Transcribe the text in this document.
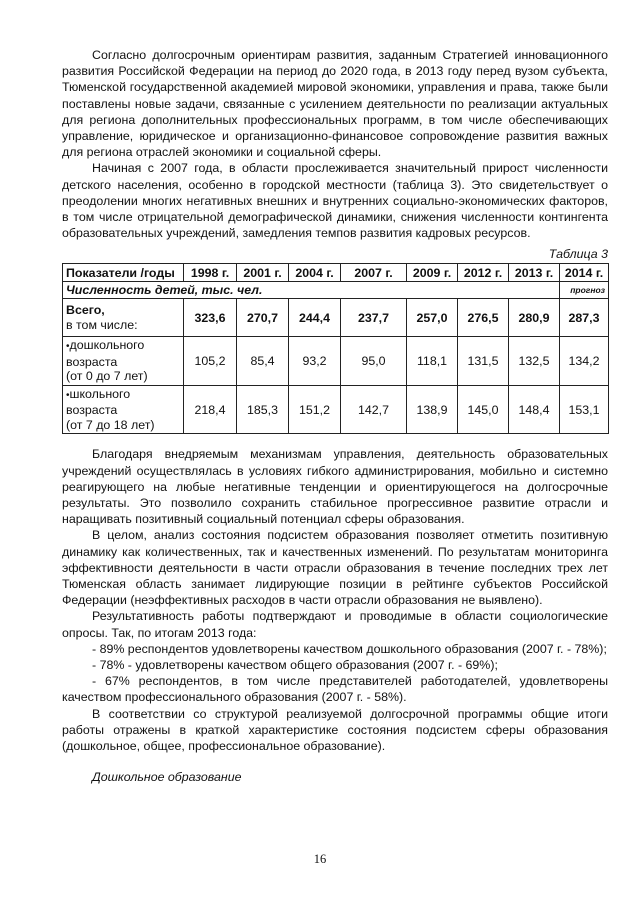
Согласно долгосрочным ориентирам развития, заданным Стратегией инновационного развития Российской Федерации на период до 2020 года, в 2013 году перед вузом субъекта, Тюменской государственной академией мировой экономики, управления и права, также были поставлены новые задачи, связанные с усилением деятельности по реализации актуальных для региона дополнительных профессиональных программ, в том числе обеспечивающих управление, юридическое и организационно-финансовое сопровождение развития важных для региона отраслей экономики и социальной сферы.

Начиная с 2007 года, в области прослеживается значительный прирост численности детского населения, особенно в городской местности (таблица 3). Это свидетельствует о преодолении многих негативных внешних и внутренних социально-экономических факторов, в том числе отрицательной демографической динамики, снижения численности контингента образовательных учреждений, замедления темпов развития кадровых ресурсов.

Таблица 3
Показатели /годы	1998 г.	2001 г.	2004 г.	2007 г.	2009 г.	2012 г.	2013 г.	2014 г.
Численность детей, тыс. чел.								прогноз
Всего,
в том числе:	323,6	270,7	244,4	237,7	257,0	276,5	280,9	287,3
•дошкольного возраста
(от 0 до 7 лет)	105,2	85,4	93,2	95,0	118,1	131,5	132,5	134,2
•школьного возраста
(от 7 до 18 лет)	218,4	185,3	151,2	142,7	138,9	145,0	148,4	153,1

Благодаря внедряемым механизмам управления, деятельность образовательных учреждений осуществлялась в условиях гибкого администрирования, мобильно и системно реагирующего на любые негативные тенденции и ориентирующегося на долгосрочные результаты. Это позволило сохранить стабильное прогрессивное развитие отрасли и наращивать позитивный социальный потенциал сферы образования.

В целом, анализ состояния подсистем образования позволяет отметить позитивную динамику как количественных, так и качественных изменений. По результатам мониторинга эффективности деятельности в части отрасли образования в течение последних трех лет Тюменская область занимает лидирующие позиции в рейтинге субъектов Российской Федерации (неэффективных расходов в части отрасли образования не выявлено).

Результативность работы подтверждают и проводимые в области социологические опросы. Так, по итогам 2013 года:

- 89% респондентов удовлетворены качеством дошкольного образования (2007 г. - 78%);

- 78% - удовлетворены качеством общего образования (2007 г. - 69%);

- 67% респондентов, в том числе представителей работодателей, удовлетворены качеством профессионального образования (2007 г. - 58%).

В соответствии со структурой реализуемой долгосрочной программы общие итоги работы отражены в краткой характеристике состояния подсистем сферы образования (дошкольное, общее, профессиональное образование).

Дошкольное образование
16
